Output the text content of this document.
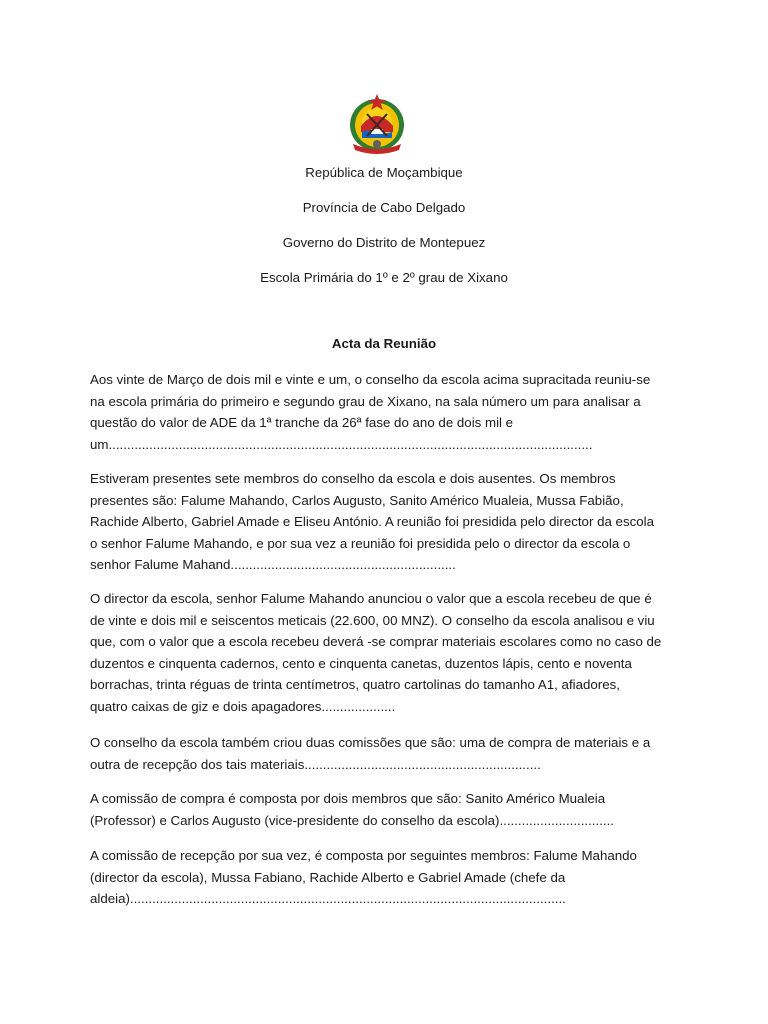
República de Moçambique
Província de Cabo Delgado
Governo do Distrito de Montepuez
Escola Primária do 1º e 2º grau de Xixano
Acta da Reunião
Aos vinte de Março de dois mil e vinte e um, o conselho da escola acima supracitada reuniu-se
na escola primária do primeiro e segundo grau de Xixano, na sala número um para analisar a
questão do valor de ADE da 1ª tranche da 26ª fase do ano de dois mil e
um...................................................................................................................................
Estiveram presentes sete membros do conselho da escola e dois ausentes. Os membros
presentes são: Falume Mahando, Carlos Augusto, Sanito Américo Mualeia, Mussa Fabião,
Rachide Alberto, Gabriel Amade e Eliseu António. A reunião foi presidida pelo director da escola
o senhor Falume Mahando, e por sua vez a reunião foi presidida pelo o director da escola o
senhor Falume Mahand.............................................................
O director da escola, senhor Falume Mahando anunciou o valor que a escola recebeu de que é
de vinte e dois mil e seiscentos meticais (22.600, 00 MNZ). O conselho da escola analisou e viu
que, com o valor que a escola recebeu deverá -se comprar materiais escolares como no caso de
duzentos e cinquenta cadernos, cento e cinquenta canetas, duzentos lápis, cento e noventa
borrachas, trinta réguas de trinta centímetros, quatro cartolinas do tamanho A1, afiadores,
quatro caixas de giz e dois apagadores....................
O conselho da escola também criou duas comissões que são: uma de compra de materiais e a
outra de recepção dos tais materiais................................................................
A comissão de compra é composta por dois membros que são: Sanito Américo Mualeia
(Professor) e Carlos Augusto (vice-presidente do conselho da escola)...............................
A comissão de recepção por sua vez, é composta por seguintes membros: Falume Mahando
(director da escola), Mussa Fabiano, Rachide Alberto e Gabriel Amade (chefe da
aldeia)......................................................................................................................
